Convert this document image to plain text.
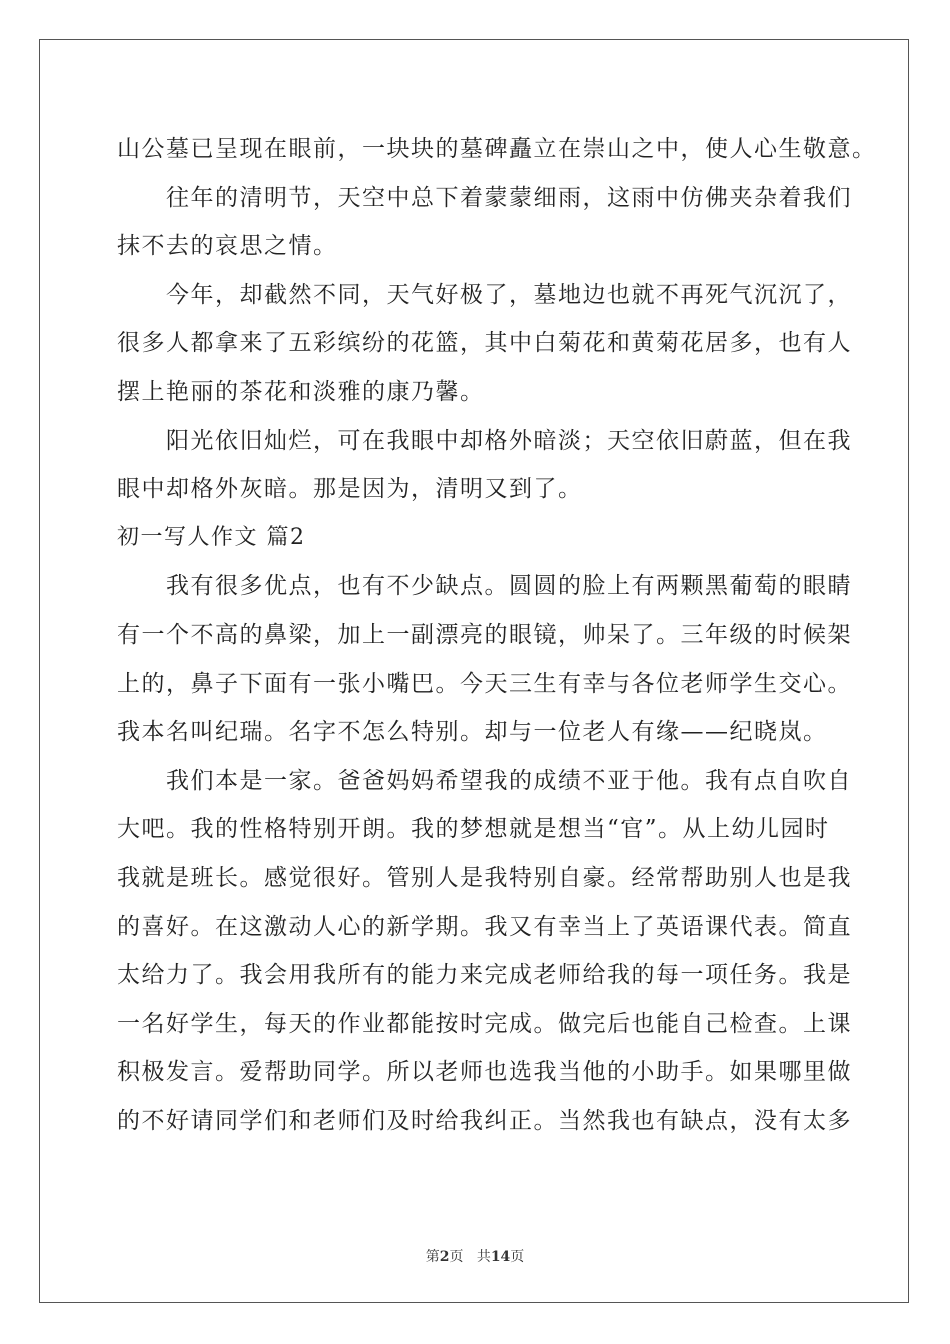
山公墓已呈现在眼前，一块块的墓碑矗立在崇山之中，使人心生敬意。
　　往年的清明节，天空中总下着蒙蒙细雨，这雨中仿佛夹杂着我们
抹不去的哀思之情。
　　今年，却截然不同，天气好极了，墓地边也就不再死气沉沉了，
很多人都拿来了五彩缤纷的花篮，其中白菊花和黄菊花居多，也有人
摆上艳丽的茶花和淡雅的康乃馨。
　　阳光依旧灿烂，可在我眼中却格外暗淡；天空依旧蔚蓝，但在我
眼中却格外灰暗。那是因为，清明又到了。
初一写人作文 篇2
　　我有很多优点，也有不少缺点。圆圆的脸上有两颗黑葡萄的眼睛
有一个不高的鼻梁，加上一副漂亮的眼镜，帅呆了。三年级的时候架
上的，鼻子下面有一张小嘴巴。今天三生有幸与各位老师学生交心。
我本名叫纪瑞。名字不怎么特别。却与一位老人有缘——纪晓岚。
　　我们本是一家。爸爸妈妈希望我的成绩不亚于他。我有点自吹自
大吧。我的性格特别开朗。我的梦想就是想当“官”。从上幼儿园时
我就是班长。感觉很好。管别人是我特别自豪。经常帮助别人也是我
的喜好。在这激动人心的新学期。我又有幸当上了英语课代表。简直
太给力了。我会用我所有的能力来完成老师给我的每一项任务。我是
一名好学生，每天的作业都能按时完成。做完后也能自己检查。上课
积极发言。爱帮助同学。所以老师也选我当他的小助手。如果哪里做
的不好请同学们和老师们及时给我纠正。当然我也有缺点，没有太多
第2页 共14页
